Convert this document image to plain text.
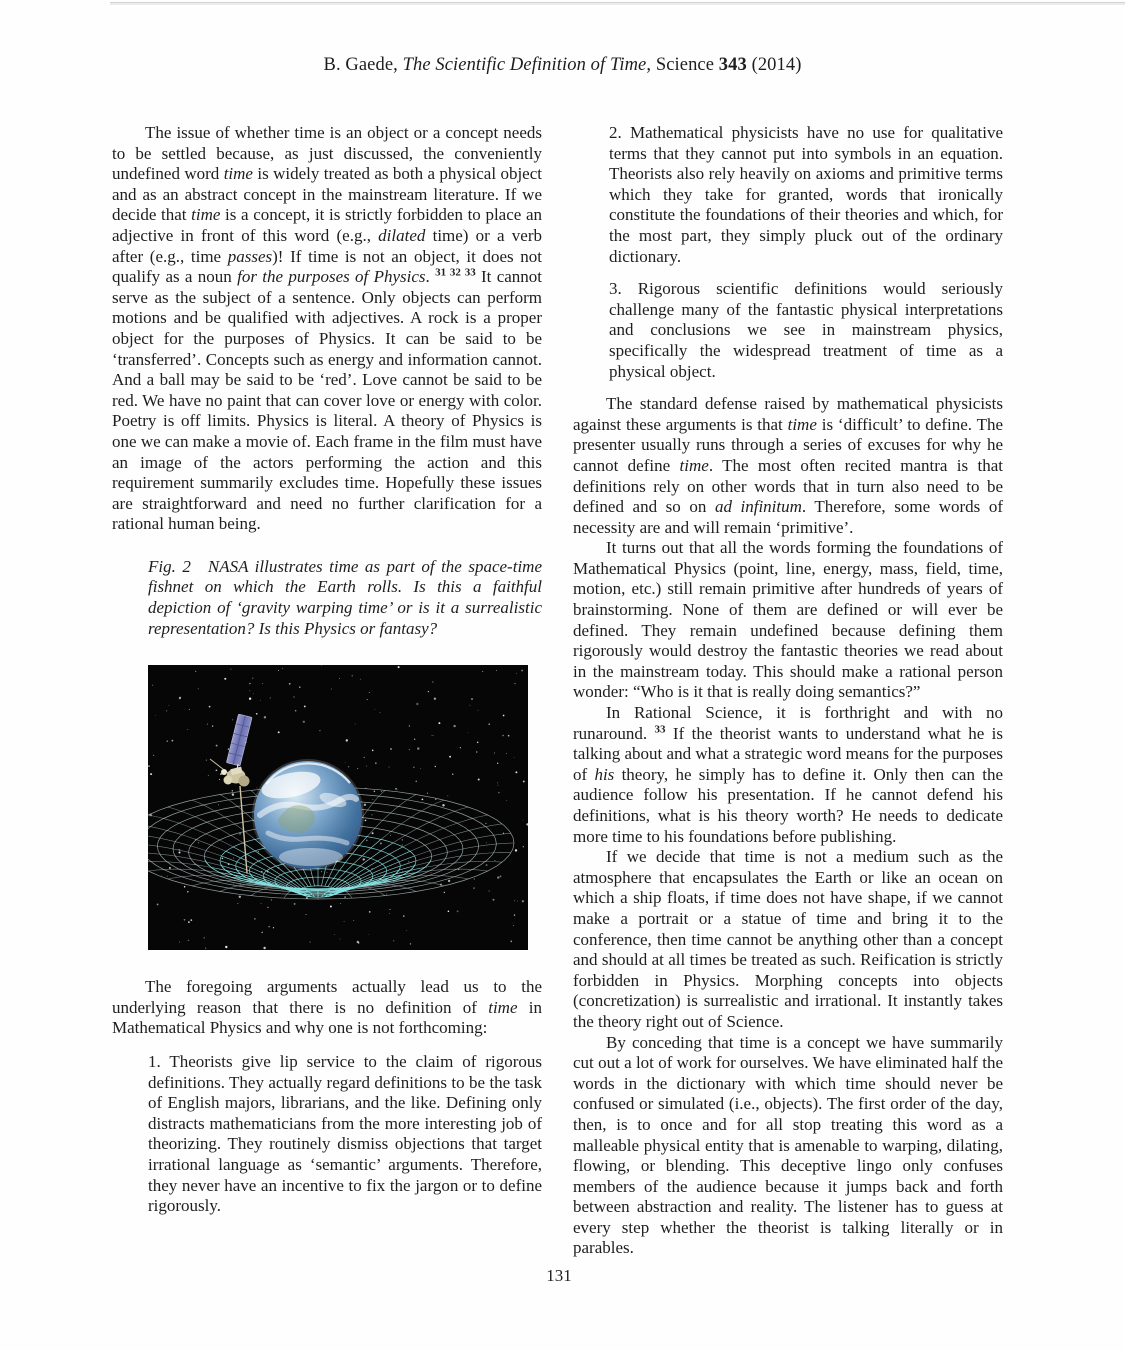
B. Gaede, The Scientific Definition of Time, Science 343 (2014)

The issue of whether time is an object or a concept needs to be settled because, as just discussed, the conveniently undefined word time is widely treated as both a physical object and as an abstract concept in the mainstream literature. If we decide that time is a concept, it is strictly forbidden to place an adjective in front of this word (e.g., dilated time) or a verb after (e.g., time passes)! If time is not an object, it does not qualify as a noun for the purposes of Physics. $^{31 32 33}$ It cannot serve as the subject of a sentence. Only objects can perform motions and be qualified with adjectives. A rock is a proper object for the purposes of Physics. It can be said to be ‘transferred’. Concepts such as energy and information cannot. And a ball may be said to be ‘red’. Love cannot be said to be red. We have no paint that can cover love or energy with color. Poetry is off limits. Physics is literal. A theory of Physics is one we can make a movie of. Each frame in the film must have an image of the actors performing the action and this requirement summarily excludes time. Hopefully these issues are straightforward and need no further clarification for a rational human being.

Fig. 2  NASA illustrates time as part of the space-time fishnet on which the Earth rolls. Is this a faithful depiction of ‘gravity warping time’ or is it a surrealistic representation? Is this Physics or fantasy?

The foregoing arguments actually lead us to the underlying reason that there is no definition of time in Mathematical Physics and why one is not forthcoming:

1. Theorists give lip service to the claim of rigorous definitions. They actually regard definitions to be the task of English majors, librarians, and the like. Defining only distracts mathematicians from the more interesting job of theorizing. They routinely dismiss objections that target irrational language as ‘semantic’ arguments. Therefore, they never have an incentive to fix the jargon or to define rigorously.

2. Mathematical physicists have no use for qualitative terms that they cannot put into symbols in an equation. Theorists also rely heavily on axioms and primitive terms which they take for granted, words that ironically constitute the foundations of their theories and which, for the most part, they simply pluck out of the ordinary dictionary.

3. Rigorous scientific definitions would seriously challenge many of the fantastic physical interpretations and conclusions we see in mainstream physics, specifically the widespread treatment of time as a physical object.

The standard defense raised by mathematical physicists against these arguments is that time is ‘difficult’ to define. The presenter usually runs through a series of excuses for why he cannot define time. The most often recited mantra is that definitions rely on other words that in turn also need to be defined and so on ad infinitum. Therefore, some words of necessity are and will remain ‘primitive’.

It turns out that all the words forming the foundations of Mathematical Physics (point, line, energy, mass, field, time, motion, etc.) still remain primitive after hundreds of years of brainstorming. None of them are defined or will ever be defined. They remain undefined because defining them rigorously would destroy the fantastic theories we read about in the mainstream today. This should make a rational person wonder: “Who is it that is really doing semantics?”

In Rational Science, it is forthright and with no runaround. $^{33}$ If the theorist wants to understand what he is talking about and what a strategic word means for the purposes of his theory, he simply has to define it. Only then can the audience follow his presentation. If he cannot defend his definitions, what is his theory worth? He needs to dedicate more time to his foundations before publishing.

If we decide that time is not a medium such as the atmosphere that encapsulates the Earth or like an ocean on which a ship floats, if time does not have shape, if we cannot make a portrait or a statue of time and bring it to the conference, then time cannot be anything other than a concept and should at all times be treated as such. Reification is strictly forbidden in Physics. Morphing concepts into objects (concretization) is surrealistic and irrational. It instantly takes the theory right out of Science.

By conceding that time is a concept we have summarily cut out a lot of work for ourselves. We have eliminated half the words in the dictionary with which time should never be confused or simulated (i.e., objects). The first order of the day, then, is to once and for all stop treating this word as a malleable physical entity that is amenable to warping, dilating, flowing, or blending. This deceptive lingo only confuses members of the audience because it jumps back and forth between abstraction and reality. The listener has to guess at every step whether the theorist is talking literally or in parables.

131
